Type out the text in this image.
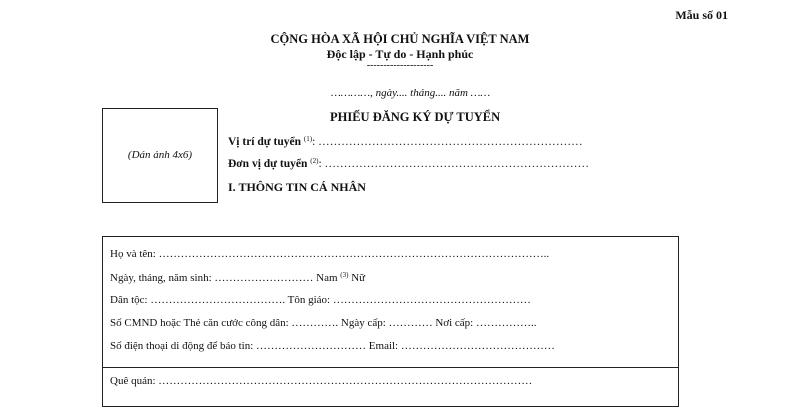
Mẫu số 01
CỘNG HÒA XÃ HỘI CHỦ NGHĨA VIỆT NAM
Độc lập - Tự do - Hạnh phúc
--------------------
…………, ngày.... tháng.... năm ……
(Dán ảnh 4x6)
PHIẾU ĐĂNG KÝ DỰ TUYỂN
Vị trí dự tuyển $^{(1)}$: ……………………………………………………………
Đơn vị dự tuyển $^{(2)}$: ……………………………………………………………
I. THÔNG TIN CÁ NHÂN
Họ và tên: ……………………………………………………………………………………………..
Ngày, tháng, năm sinh: ……………………… Nam $^{(3)}$ Nữ
Dân tộc: ………………………………. Tôn giáo: ………………………………………………
Số CMND hoặc Thẻ căn cước công dân: …………. Ngày cấp: ………… Nơi cấp: ……………..
Số điện thoại di động để báo tin: ………………………… Email: ……………………………………
Quê quán: …………………………………………………………………………………………
